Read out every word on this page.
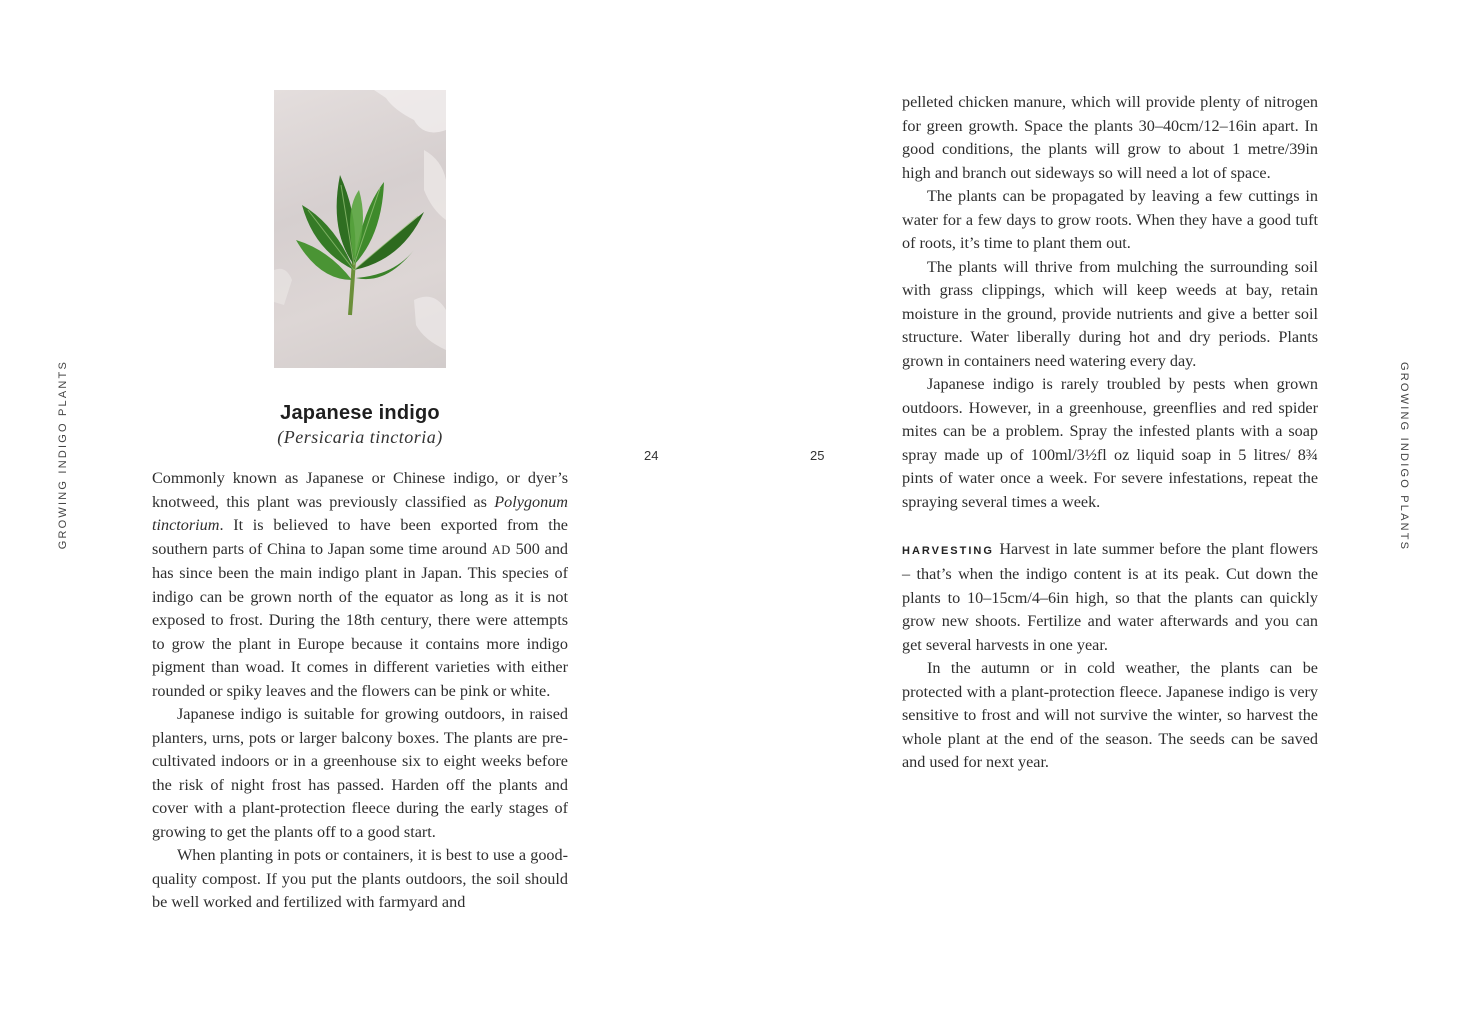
GROWING INDIGO PLANTS	GROWING INDIGO PLANTS
24	25
Japanese indigo
(Persicaria tinctoria)

Commonly known as Japanese or Chinese indigo, or dyer’s knotweed, this plant was previously classified as Polygonum tinctorium. It is believed to have been exported from the southern parts of China to Japan some time around AD 500 and has since been the main indigo plant in Japan. This species of indigo can be grown north of the equator as long as it is not exposed to frost. During the 18th century, there were attempts to grow the plant in Europe because it contains more indigo pigment than woad. It comes in different varieties with either rounded or spiky leaves and the flowers can be pink or white.

Japanese indigo is suitable for growing outdoors, in raised planters, urns, pots or larger balcony boxes. The plants are pre-cultivated indoors or in a greenhouse six to eight weeks before the risk of night frost has passed. Harden off the plants and cover with a plant-protection fleece during the early stages of growing to get the plants off to a good start.

When planting in pots or containers, it is best to use a good-quality compost. If you put the plants outdoors, the soil should be well worked and fertilized with farmyard and

pelleted chicken manure, which will provide plenty of nitrogen for green growth. Space the plants 30–40cm/12–16in apart. In good conditions, the plants will grow to about 1 metre/39in high and branch out sideways so will need a lot of space.

The plants can be propagated by leaving a few cuttings in water for a few days to grow roots. When they have a good tuft of roots, it’s time to plant them out.

The plants will thrive from mulching the surrounding soil with grass clippings, which will keep weeds at bay, retain moisture in the ground, provide nutrients and give a better soil structure. Water liberally during hot and dry periods. Plants grown in containers need watering every day.

Japanese indigo is rarely troubled by pests when grown outdoors. However, in a greenhouse, greenflies and red spider mites can be a problem. Spray the infested plants with a soap spray made up of 100ml/3½fl oz liquid soap in 5 litres/ 8¾ pints of water once a week. For severe infestations, repeat the spraying several times a week.

HARVESTING Harvest in late summer before the plant flowers – that’s when the indigo content is at its peak. Cut down the plants to 10–15cm/4–6in high, so that the plants can quickly grow new shoots. Fertilize and water afterwards and you can get several harvests in one year.

In the autumn or in cold weather, the plants can be protected with a plant-protection fleece. Japanese indigo is very sensitive to frost and will not survive the winter, so harvest the whole plant at the end of the season. The seeds can be saved and used for next year.
